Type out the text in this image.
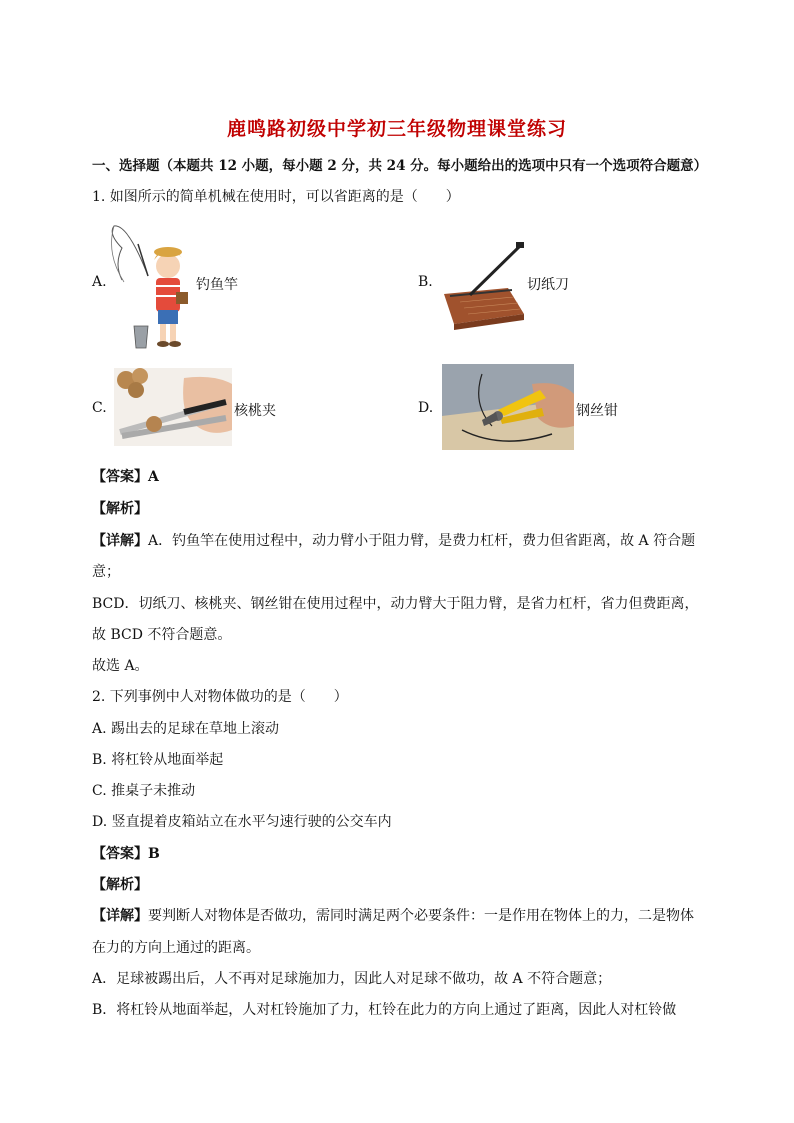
鹿鸣路初级中学初三年级物理课堂练习
一、选择题（本题共 12 小题，每小题 2 分，共 24 分。每小题给出的选项中只有一个选项符合题意）
1. 如图所示的简单机械在使用时，可以省距离的是（　　）
A.	钓鱼竿	B.	切纸刀
C.	核桃夹	D.	钢丝钳
【答案】A
【解析】
【详解】A．钓鱼竿在使用过程中，动力臂小于阻力臂，是费力杠杆，费力但省距离，故 A 符合题
意；
BCD．切纸刀、核桃夹、钢丝钳在使用过程中，动力臂大于阻力臂，是省力杠杆，省力但费距离，
故 BCD 不符合题意。
故选 A。
2. 下列事例中人对物体做功的是（　　）
A. 踢出去的足球在草地上滚动
B. 将杠铃从地面举起
C. 推桌子未推动
D. 竖直提着皮箱站立在水平匀速行驶的公交车内
【答案】B
【解析】
【详解】要判断人对物体是否做功，需同时满足两个必要条件：一是作用在物体上的力，二是物体
在力的方向上通过的距离。
A．足球被踢出后，人不再对足球施加力，因此人对足球不做功，故 A 不符合题意；
B．将杠铃从地面举起，人对杠铃施加了力，杠铃在此力的方向上通过了距离，因此人对杠铃做
